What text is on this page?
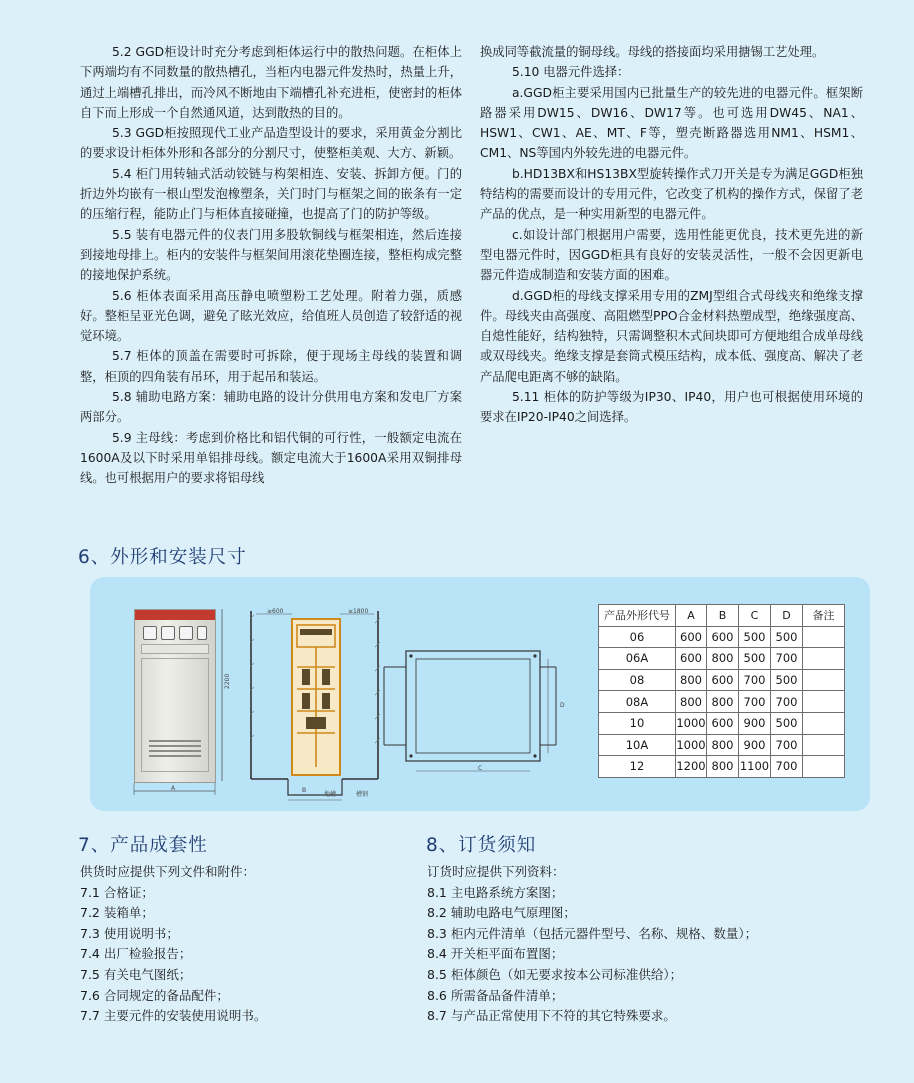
5.2 GGD柜设计时充分考虑到柜体运行中的散热问题。在柜体上下两端均有不同数量的散热槽孔，当柜内电器元件发热时，热量上升，通过上端槽孔排出，而冷风不断地由下端槽孔补充进柜，使密封的柜体自下而上形成一个自然通风道，达到散热的目的。

5.3 GGD柜按照现代工业产品造型设计的要求，采用黄金分割比的要求设计柜体外形和各部分的分割尺寸，使整柜美观、大方、新颖。

5.4 柜门用转轴式活动铰链与构架相连、安装、拆卸方便。门的折边外均嵌有一根山型发泡橡塑条，关门时门与框架之间的嵌条有一定的压缩行程，能防止门与柜体直接碰撞，也提高了门的防护等级。

5.5 装有电器元件的仪表门用多股软铜线与框架相连，然后连接到接地母排上。柜内的安装件与框架间用滚花垫圈连接，整柜构成完整的接地保护系统。

5.6 柜体表面采用高压静电喷塑粉工艺处理。附着力强，质感好。整柜呈亚光色调，避免了眩光效应，给值班人员创造了较舒适的视觉环境。

5.7 柜体的顶盖在需要时可拆除，便于现场主母线的装置和调整，柜顶的四角装有吊环，用于起吊和装运。

5.8 辅助电路方案：辅助电路的设计分供用电方案和发电厂方案两部分。

5.9 主母线：考虑到价格比和铝代铜的可行性，一般额定电流在1600A及以下时采用单铝排母线。额定电流大于1600A采用双铜排母线。也可根据用户的要求将铝母线

换成同等截流量的铜母线。母线的搭接面均采用搪锡工艺处理。

5.10 电器元件选择：

a.GGD柜主要采用国内已批量生产的较先进的电器元件。框架断路器采用DW15、DW16、DW17等。也可选用DW45、NA1、HSW1、CW1、AE、MT、F等，塑壳断路器选用NM1、HSM1、CM1、NS等国内外较先进的电器元件。

b.HD13BX和HS13BX型旋转操作式刀开关是专为满足GGD柜独特结构的需要而设计的专用元件，它改变了机构的操作方式，保留了老产品的优点，是一种实用新型的电器元件。

c.如设计部门根据用户需要，选用性能更优良，技术更先进的新型电器元件时，因GGD柜具有良好的安装灵活性，一般不会因更新电器元件造成制造和安装方面的困难。

d.GGD柜的母线支撑采用专用的ZMJ型组合式母线夹和绝缘支撑件。母线夹由高强度、高阻燃型PPO合金材料热塑成型，绝缘强度高、自熄性能好，结构独特，只需调整积木式间块即可方便地组合成单母线或双母线夹。绝缘支撑是套筒式模压结构，成本低、强度高、解决了老产品爬电距离不够的缺陷。

5.11 柜体的防护等级为IP30、IP40，用户也可根据使用环境的要求在IP20-IP40之间选择。

6、外形和安装尺寸
2200
A
≥600	≥1800
B
地槽	槽钢
C
D
产品外形代号	A	B	C	D	备注
06	600	600	500	500	
06A	600	800	500	700	
08	800	600	700	500	
08A	800	800	700	700	
10	1000	600	900	500	
10A	1000	800	900	700	
12	1200	800	1100	700	
7、产品成套性
供货时应提供下列文件和附件：
7.1 合格证；
7.2 装箱单；
7.3 使用说明书；
7.4 出厂检验报告；
7.5 有关电气图纸；
7.6 合同规定的备品配件；
7.7 主要元件的安装使用说明书。
8、订货须知
订货时应提供下列资料：
8.1 主电路系统方案图；
8.2 辅助电路电气原理图；
8.3 柜内元件清单（包括元器件型号、名称、规格、数量）；
8.4 开关柜平面布置图；
8.5 柜体颜色（如无要求按本公司标准供给）；
8.6 所需备品备件清单；
8.7 与产品正常使用下不符的其它特殊要求。
